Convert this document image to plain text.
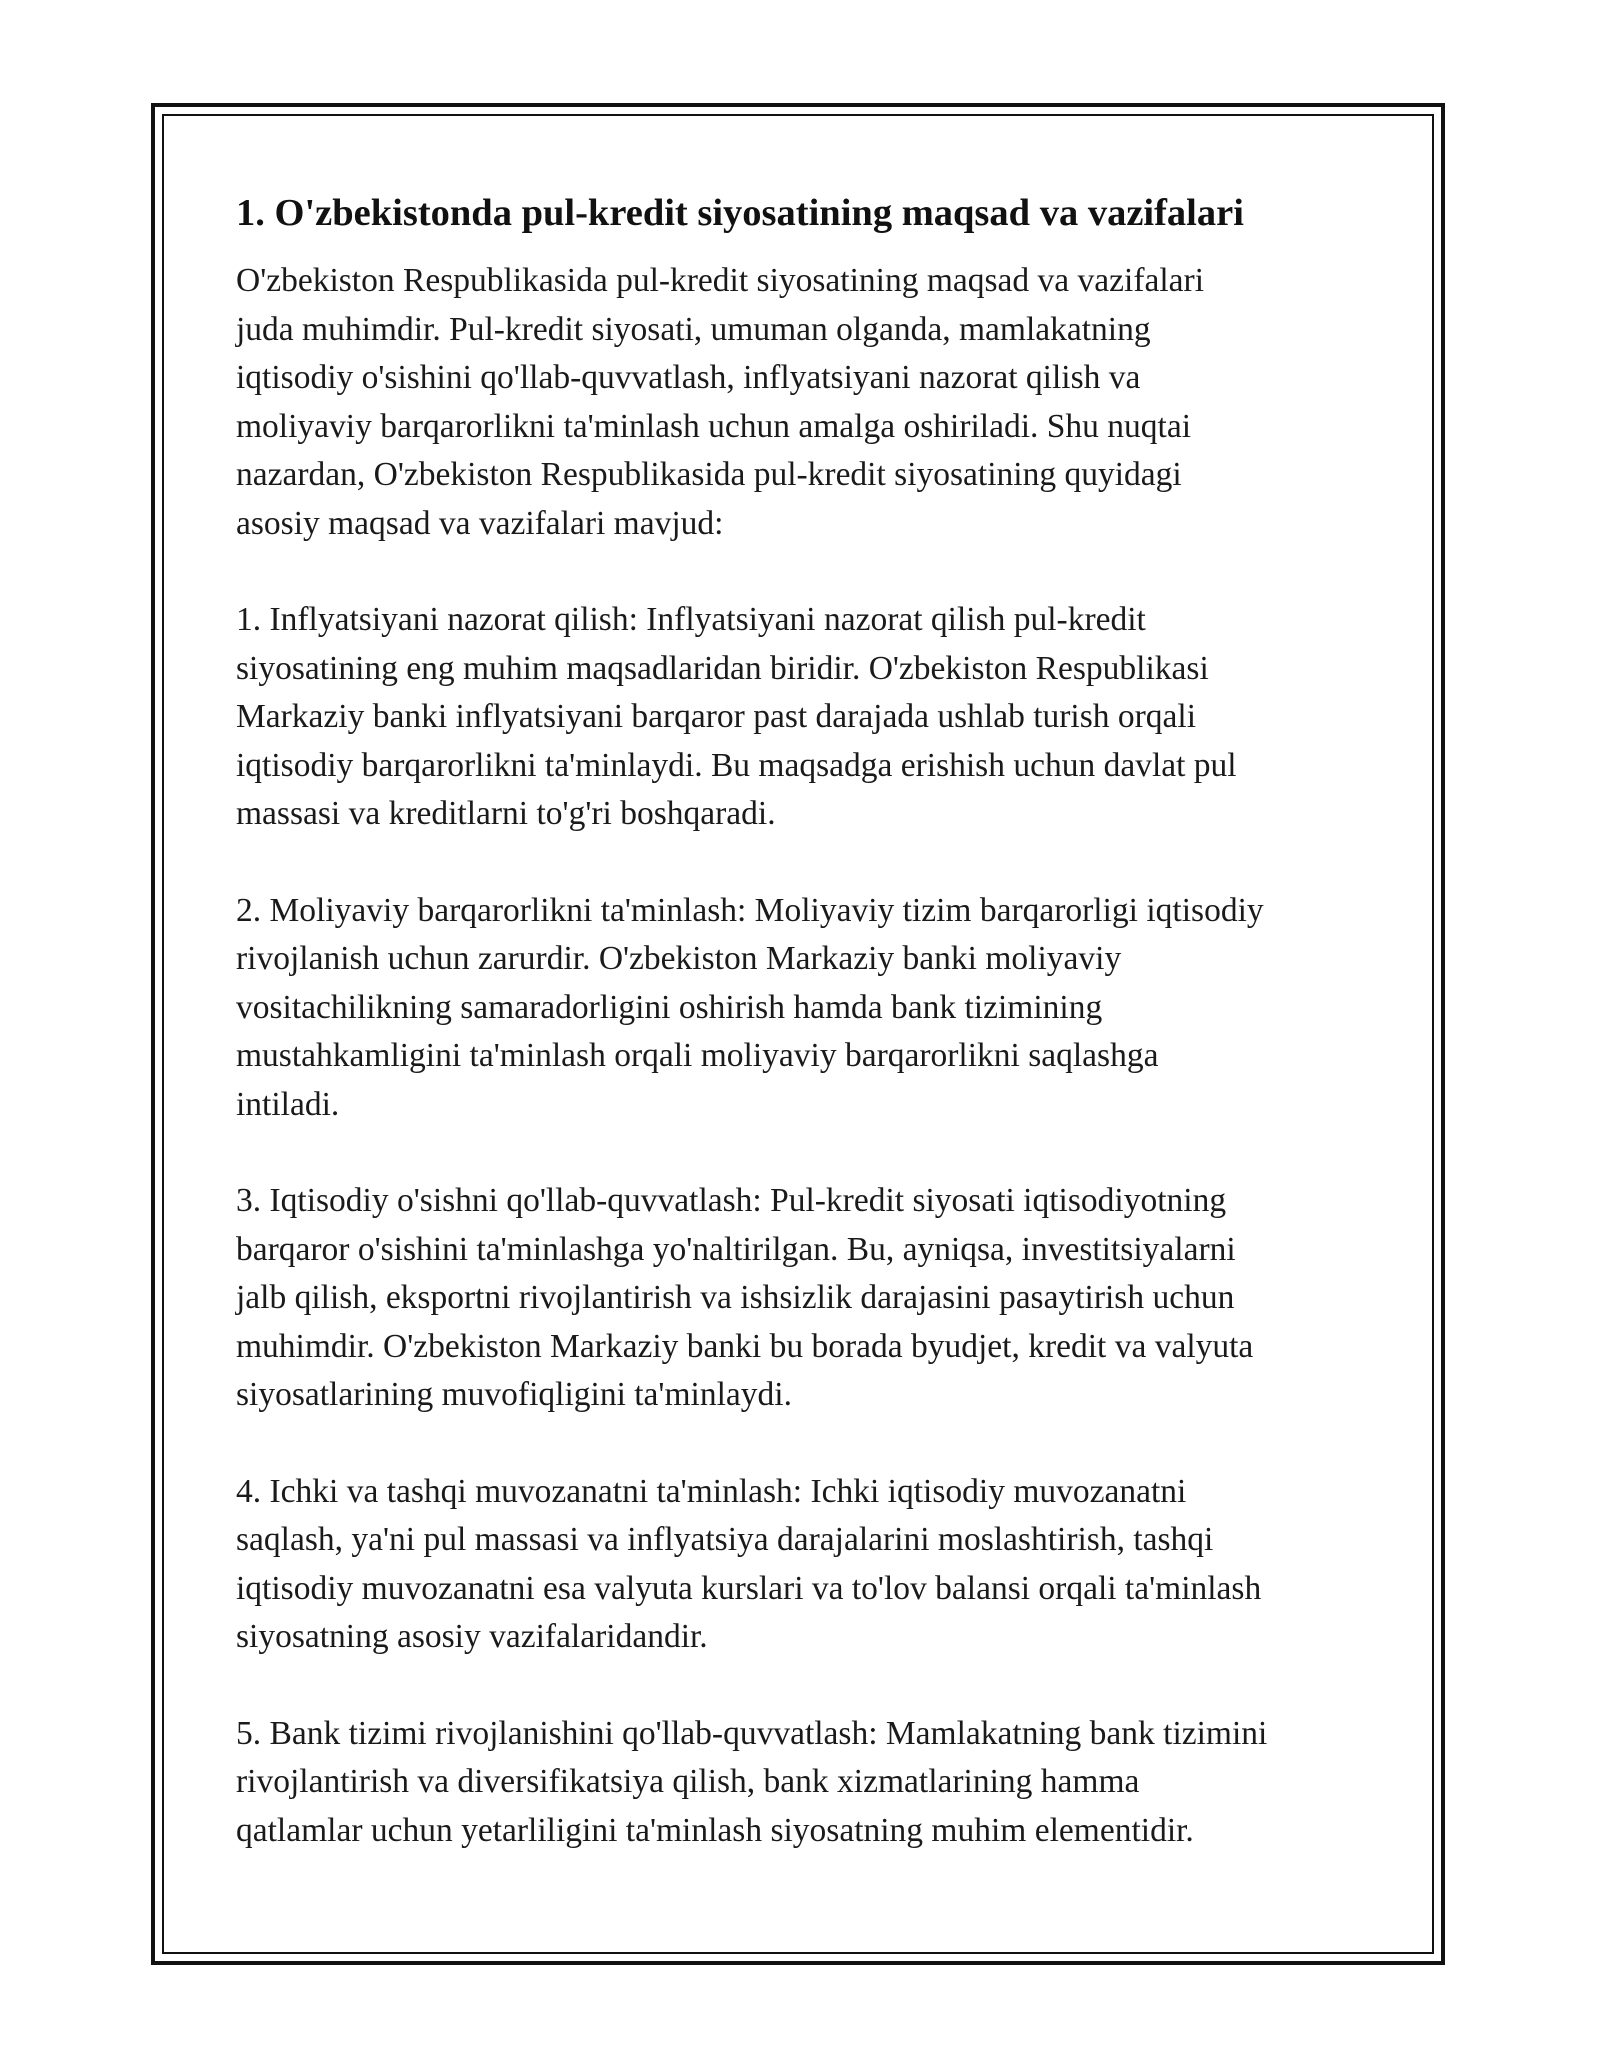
1. O'zbekistonda pul-kredit siyosatining maqsad va vazifalari

O'zbekiston Respublikasida pul-kredit siyosatining maqsad va vazifalari
juda muhimdir. Pul-kredit siyosati, umuman olganda, mamlakatning
iqtisodiy o'sishini qo'llab-quvvatlash, inflyatsiyani nazorat qilish va
moliyaviy barqarorlikni ta'minlash uchun amalga oshiriladi. Shu nuqtai
nazardan, O'zbekiston Respublikasida pul-kredit siyosatining quyidagi
asosiy maqsad va vazifalari mavjud:

1. Inflyatsiyani nazorat qilish: Inflyatsiyani nazorat qilish pul-kredit
siyosatining eng muhim maqsadlaridan biridir. O'zbekiston Respublikasi
Markaziy banki inflyatsiyani barqaror past darajada ushlab turish orqali
iqtisodiy barqarorlikni ta'minlaydi. Bu maqsadga erishish uchun davlat pul
massasi va kreditlarni to'g'ri boshqaradi.

2. Moliyaviy barqarorlikni ta'minlash: Moliyaviy tizim barqarorligi iqtisodiy
rivojlanish uchun zarurdir. O'zbekiston Markaziy banki moliyaviy
vositachilikning samaradorligini oshirish hamda bank tizimining
mustahkamligini ta'minlash orqali moliyaviy barqarorlikni saqlashga
intiladi.

3. Iqtisodiy o'sishni qo'llab-quvvatlash: Pul-kredit siyosati iqtisodiyotning
barqaror o'sishini ta'minlashga yo'naltirilgan. Bu, ayniqsa, investitsiyalarni
jalb qilish, eksportni rivojlantirish va ishsizlik darajasini pasaytirish uchun
muhimdir. O'zbekiston Markaziy banki bu borada byudjet, kredit va valyuta
siyosatlarining muvofiqligini ta'minlaydi.

4. Ichki va tashqi muvozanatni ta'minlash: Ichki iqtisodiy muvozanatni
saqlash, ya'ni pul massasi va inflyatsiya darajalarini moslashtirish, tashqi
iqtisodiy muvozanatni esa valyuta kurslari va to'lov balansi orqali ta'minlash
siyosatning asosiy vazifalaridandir.

5. Bank tizimi rivojlanishini qo'llab-quvvatlash: Mamlakatning bank tizimini
rivojlantirish va diversifikatsiya qilish, bank xizmatlarining hamma
qatlamlar uchun yetarliligini ta'minlash siyosatning muhim elementidir.
